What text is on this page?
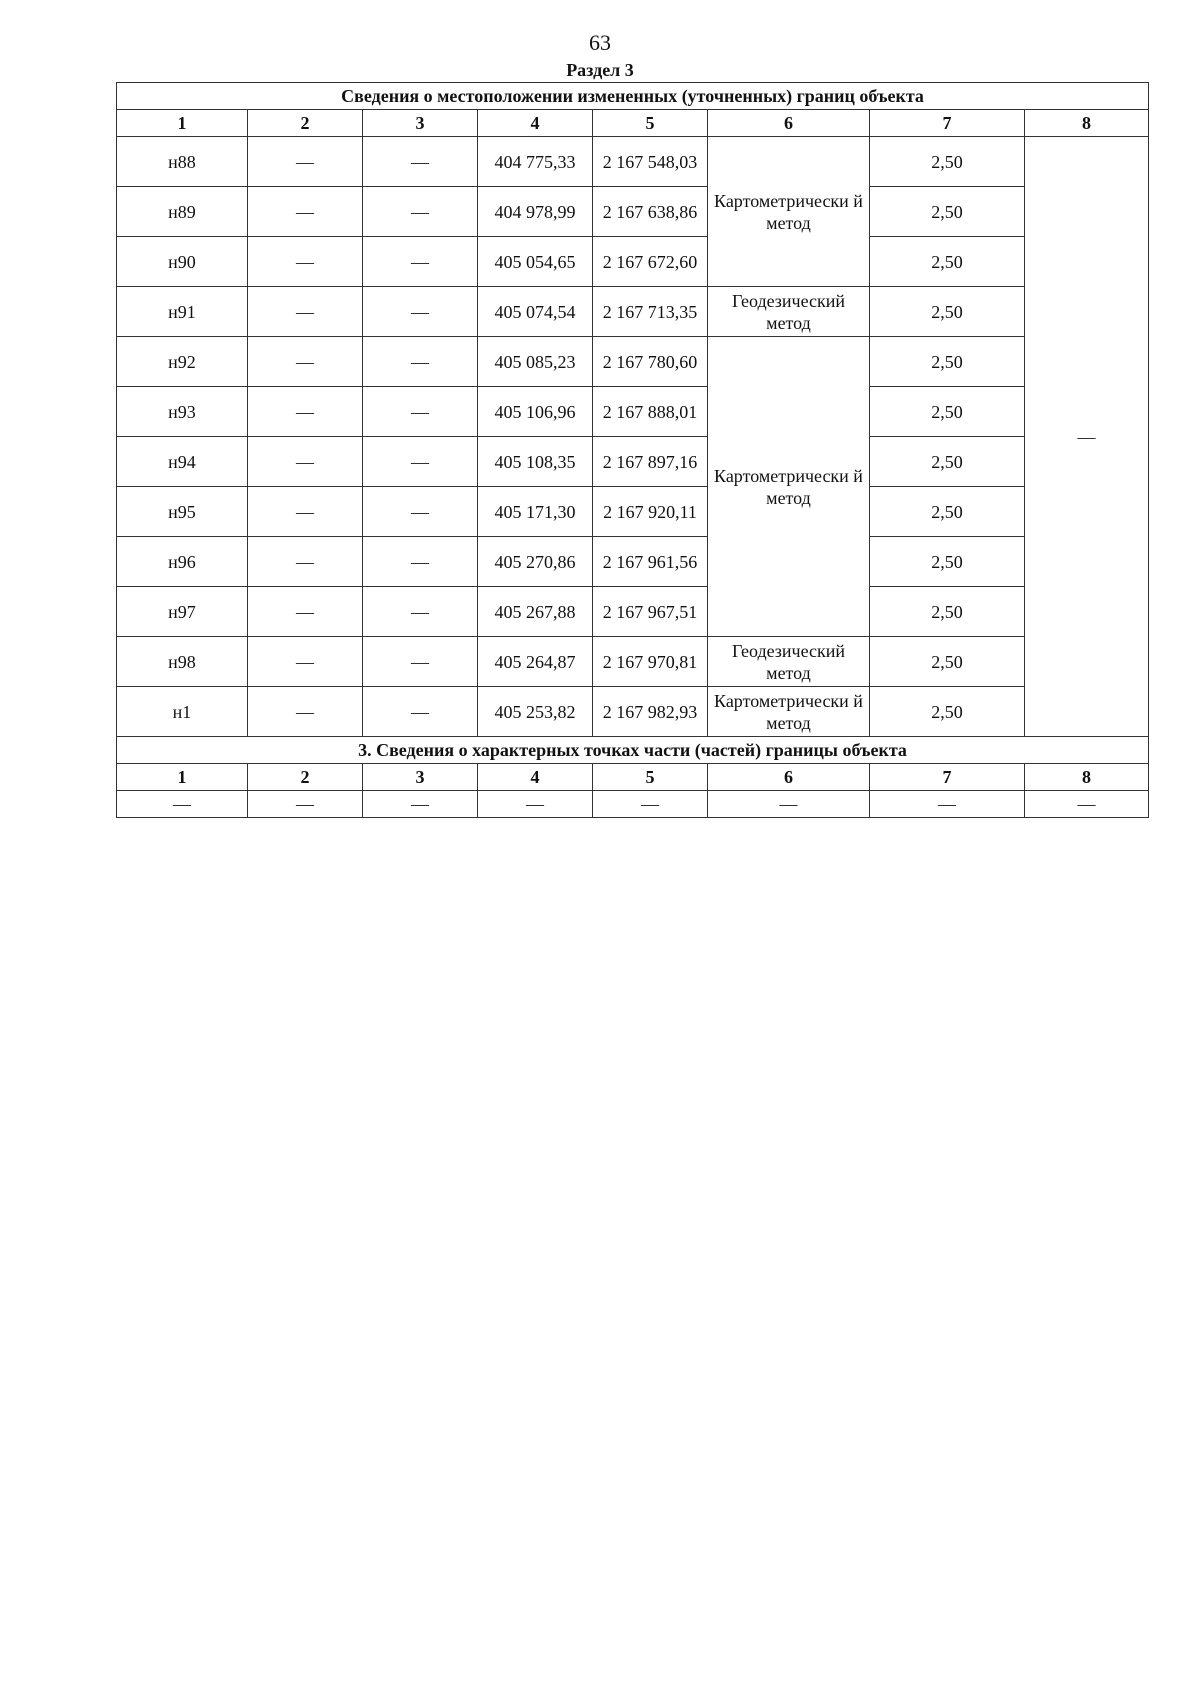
63
Раздел 3
Сведения о местоположении измененных (уточненных) границ объекта							
1	2	3	4	5	6	7	8
н88	—	—	404 775,33	2 167 548,03	Картометрически й метод	2,50	—
н89	—	—	404 978,99	2 167 638,86		2,50	
н90	—	—	405 054,65	2 167 672,60		2,50	
н91	—	—	405 074,54	2 167 713,35	Геодезический метод	2,50	
н92	—	—	405 085,23	2 167 780,60	Картометрически й метод	2,50	
н93	—	—	405 106,96	2 167 888,01		2,50	
н94	—	—	405 108,35	2 167 897,16		2,50	
н95	—	—	405 171,30	2 167 920,11		2,50	
н96	—	—	405 270,86	2 167 961,56		2,50	
н97	—	—	405 267,88	2 167 967,51		2,50	
н98	—	—	405 264,87	2 167 970,81	Геодезический метод	2,50	
н1	—	—	405 253,82	2 167 982,93	Картометрически й метод	2,50	
3. Сведения о характерных точках части (частей) границы объекта							
1	2	3	4	5	6	7	8
—	—	—	—	—	—	—	—
